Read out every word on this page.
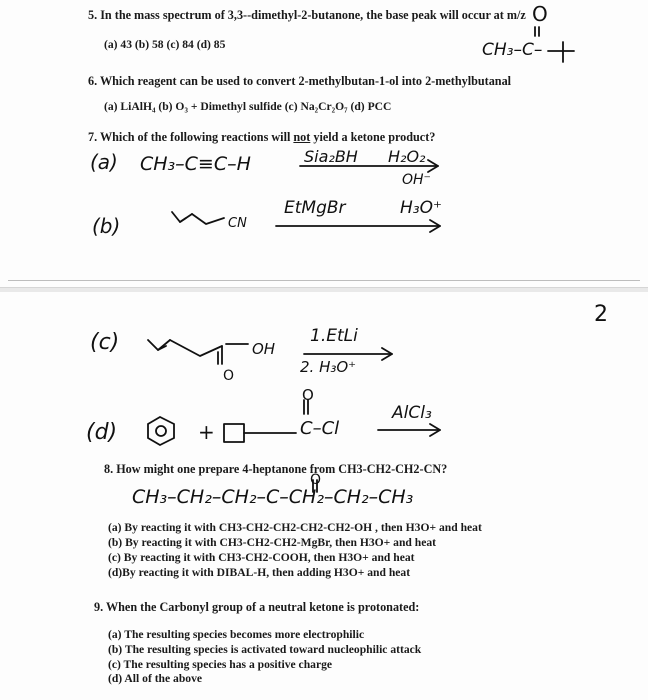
5. In the mass spectrum of 3,3--dimethyl-2-butanone, the base peak will occur at m/z
(a) 43 (b) 58 (c) 84 (d) 85
O
CH₃–C–
6. Which reagent can be used to convert 2-methylbutan-1-ol into 2-methylbutanal
(a) LiAlH₄ (b) O₃ + Dimethyl sulfide (c) Na₂Cr₂O₇ (d) PCC
7. Which of the following reactions will not yield a ketone product?
(a) CH₃–C≡C–H	Sia₂BH H₂O₂
OH⁻
(b)	CN
EtMgBr	H₃O⁺
2
(c)	OH
O
1.EtLi
2. H₃O⁺
(d)	+
O
C–Cl
AlCl₃
8. How might one prepare 4-heptanone from CH3-CH2-CH2-CN?
O
CH₃–CH₂–CH₂–C–CH₂–CH₂–CH₃
(a) By reacting it with CH3-CH2-CH2-CH2-CH2-OH , then H3O+ and heat
(b) By reacting it with CH3-CH2-CH2-MgBr, then H3O+ and heat
(c) By reacting it with CH3-CH2-COOH, then H3O+ and heat
(d)By reacting it with DIBAL-H, then adding H3O+ and heat
9. When the Carbonyl group of a neutral ketone is protonated:
(a) The resulting species becomes more electrophilic
(b) The resulting species is activated toward nucleophilic attack
(c) The resulting species has a positive charge
(d) All of the above
